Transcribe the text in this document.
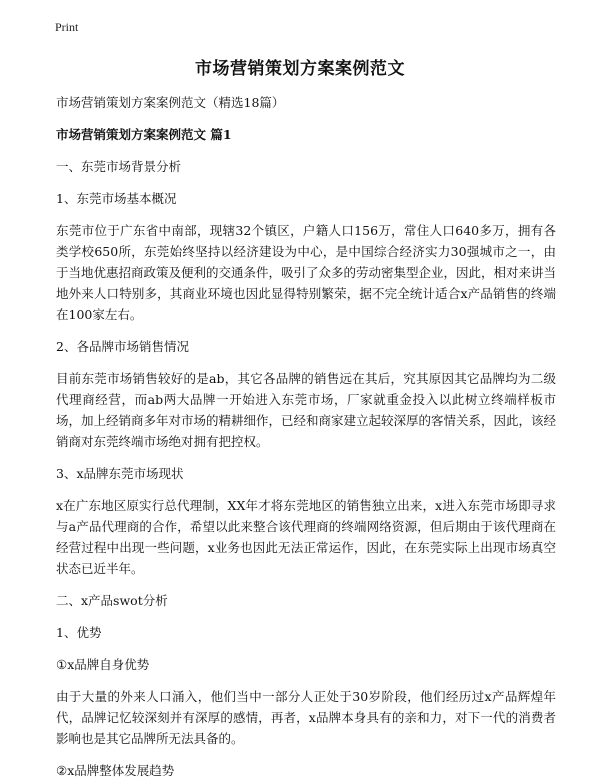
Print
市场营销策划方案案例范文

市场营销策划方案案例范文（精选18篇）

市场营销策划方案案例范文 篇1

一、东莞市场背景分析

1、东莞市场基本概况

东莞市位于广东省中南部，现辖32个镇区，户籍人口156万，常住人口640多万，拥有各类学校650所，东莞始终坚持以经济建设为中心，是中国综合经济实力30强城市之一，由于当地优惠招商政策及便利的交通条件，吸引了众多的劳动密集型企业，因此，相对来讲当地外来人口特别多，其商业环境也因此显得特别繁荣，据不完全统计适合x产品销售的终端在100家左右。

2、各品牌市场销售情况

目前东莞市场销售较好的是ab，其它各品牌的销售远在其后，究其原因其它品牌均为二级代理商经营，而ab两大品牌一开始进入东莞市场，厂家就重金投入以此树立终端样板市场，加上经销商多年对市场的精耕细作，已经和商家建立起较深厚的客情关系，因此，该经销商对东莞终端市场绝对拥有把控权。

3、x品牌东莞市场现状

x在广东地区原实行总代理制，XX年才将东莞地区的销售独立出来，x进入东莞市场即寻求与a产品代理商的合作，希望以此来整合该代理商的终端网络资源，但后期由于该代理商在经营过程中出现一些问题，x业务也因此无法正常运作，因此，在东莞实际上出现市场真空状态已近半年。

二、x产品swot分析

1、优势

①x品牌自身优势

由于大量的外来人口涌入，他们当中一部分人正处于30岁阶段，他们经历过x产品辉煌年代，品牌记忆较深刻并有深厚的感情，再者，x品牌本身具有的亲和力，对下一代的消费者影响也是其它品牌所无法具备的。

②x品牌整体发展趋势
